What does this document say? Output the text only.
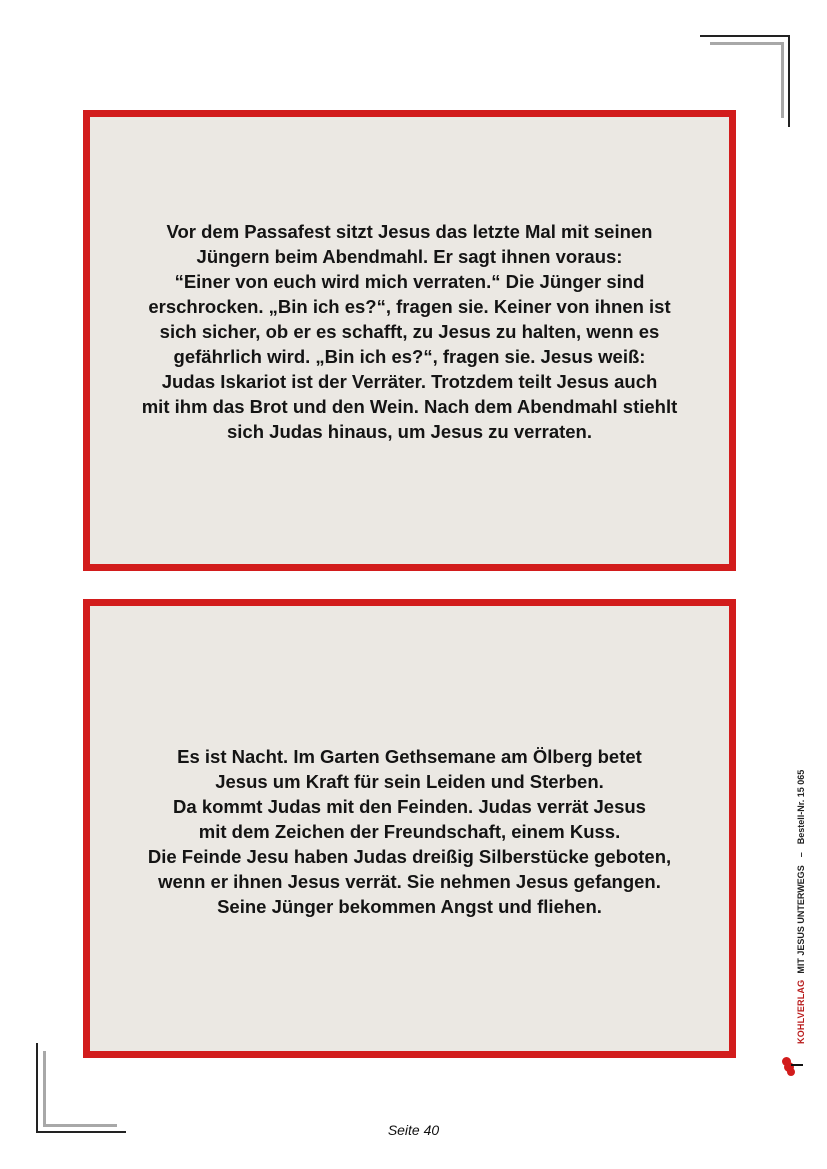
Vor dem Passafest sitzt Jesus das letzte Mal mit seinen
Jüngern beim Abendmahl. Er sagt ihnen voraus:
“Einer von euch wird mich verraten.“ Die Jünger sind
erschrocken. „Bin ich es?“, fragen sie. Keiner von ihnen ist
sich sicher, ob er es schafft, zu Jesus zu halten, wenn es
gefährlich wird. „Bin ich es?“, fragen sie. Jesus weiß:
Judas Iskariot ist der Verräter. Trotzdem teilt Jesus auch
mit ihm das Brot und den Wein. Nach dem Abendmahl stiehlt
sich Judas hinaus, um Jesus zu verraten.

Es ist Nacht. Im Garten Gethsemane am Ölberg betet
Jesus um Kraft für sein Leiden und Sterben.
Da kommt Judas mit den Feinden. Judas verrät Jesus
mit dem Zeichen der Freundschaft, einem Kuss.
Die Feinde Jesu haben Judas dreißig Silberstücke geboten,
wenn er ihnen Jesus verrät. Sie nehmen Jesus gefangen.
Seine Jünger bekommen Angst und fliehen.

Seite 40

KOHLVERLAG
MIT JESUS UNTERWEGS
–
Bestell-Nr. 15 065
